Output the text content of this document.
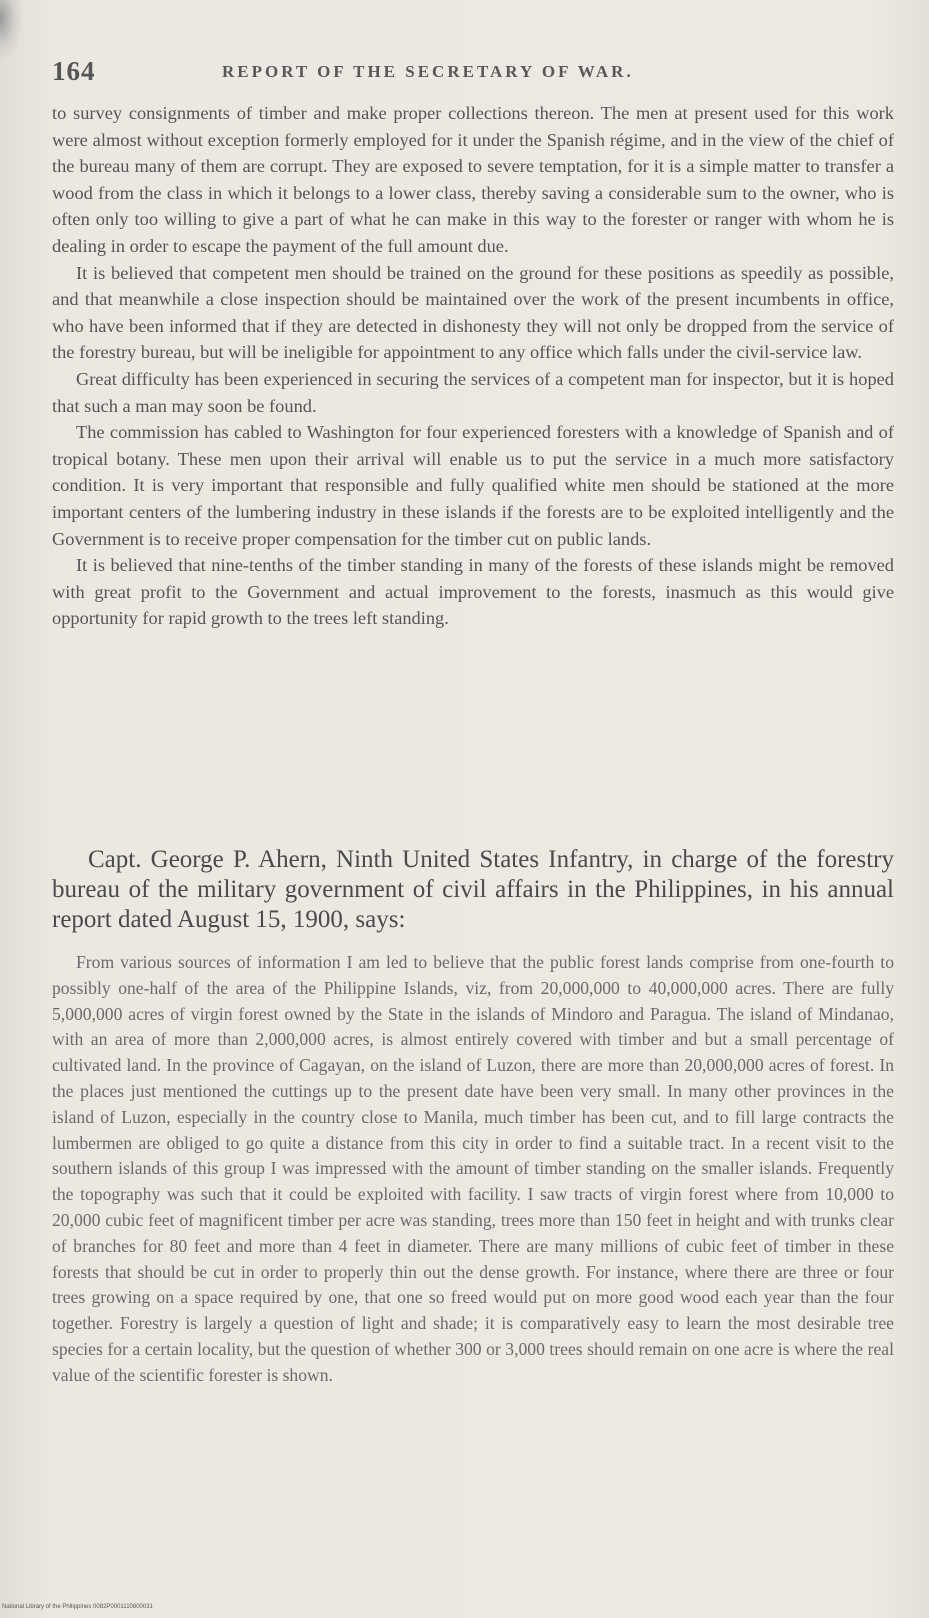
164	REPORT OF THE SECRETARY OF WAR.

to survey consignments of timber and make proper collections thereon. The men at present used for this work were almost without exception formerly employed for it under the Spanish régime, and in the view of the chief of the bureau many of them are corrupt. They are exposed to severe temptation, for it is a simple matter to transfer a wood from the class in which it belongs to a lower class, thereby saving a considerable sum to the owner, who is often only too willing to give a part of what he can make in this way to the forester or ranger with whom he is dealing in order to escape the payment of the full amount due.

It is believed that competent men should be trained on the ground for these positions as speedily as possible, and that meanwhile a close inspection should be maintained over the work of the present incumbents in office, who have been informed that if they are detected in dishonesty they will not only be dropped from the service of the forestry bureau, but will be ineligible for appointment to any office which falls under the civil-service law.

Great difficulty has been experienced in securing the services of a competent man for inspector, but it is hoped that such a man may soon be found.

The commission has cabled to Washington for four experienced foresters with a knowledge of Spanish and of tropical botany. These men upon their arrival will enable us to put the service in a much more satisfactory condition. It is very important that responsible and fully qualified white men should be stationed at the more important centers of the lumbering industry in these islands if the forests are to be exploited intelligently and the Government is to receive proper compensation for the timber cut on public lands.

It is believed that nine-tenths of the timber standing in many of the forests of these islands might be removed with great profit to the Government and actual improvement to the forests, inasmuch as this would give opportunity for rapid growth to the trees left standing.

Capt. George P. Ahern, Ninth United States Infantry, in charge of the forestry bureau of the military government of civil affairs in the Philippines, in his annual report dated August 15, 1900, says:
From various sources of information I am led to believe that the public forest lands comprise from one-fourth to possibly one-half of the area of the Philippine Islands, viz, from 20,000,000 to 40,000,000 acres. There are fully 5,000,000 acres of virgin forest owned by the State in the islands of Mindoro and Paragua. The island of Mindanao, with an area of more than 2,000,000 acres, is almost entirely covered with timber and but a small percentage of cultivated land. In the province of Cagayan, on the island of Luzon, there are more than 20,000,000 acres of forest. In the places just mentioned the cuttings up to the present date have been very small. In many other provinces in the island of Luzon, especially in the country close to Manila, much timber has been cut, and to fill large contracts the lumbermen are obliged to go quite a distance from this city in order to find a suitable tract. In a recent visit to the southern islands of this group I was impressed with the amount of timber standing on the smaller islands. Frequently the topography was such that it could be exploited with facility. I saw tracts of virgin forest where from 10,000 to 20,000 cubic feet of magnificent timber per acre was standing, trees more than 150 feet in height and with trunks clear of branches for 80 feet and more than 4 feet in diameter. There are many millions of cubic feet of timber in these forests that should be cut in order to properly thin out the dense growth. For instance, where there are three or four trees growing on a space required by one, that one so freed would put on more good wood each year than the four together. Forestry is largely a question of light and shade; it is comparatively easy to learn the most desirable tree species for a certain locality, but the question of whether 300 or 3,000 trees should remain on one acre is where the real value of the scientific forester is shown.
National Library of the Philippines 0082P0001110800031
